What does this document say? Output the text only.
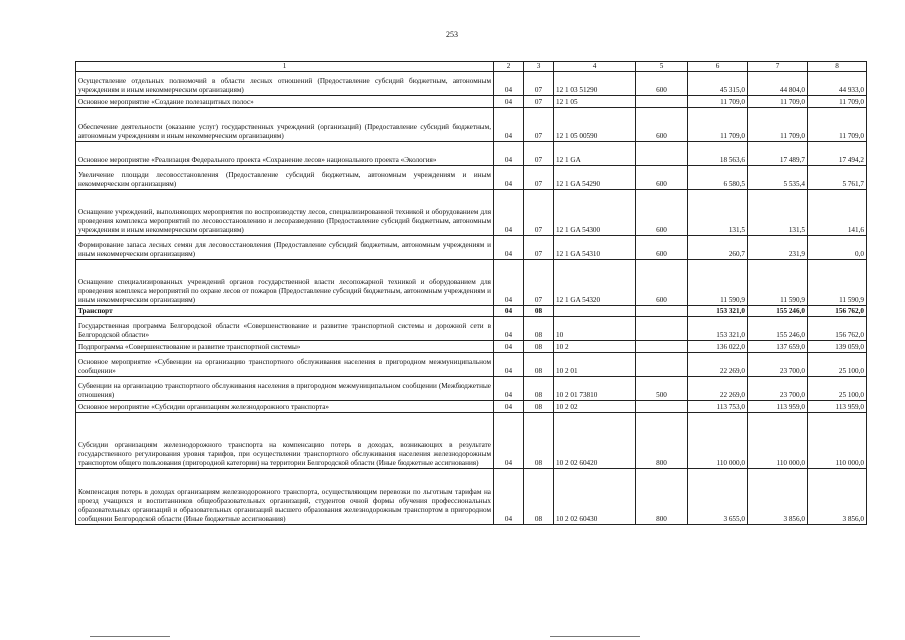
253
1	2	3	4	5	6	7	8
Осуществление отдельных полномочий в области лесных отношений (Предоставление субсидий бюджетным, автономным учреждениям и иным некоммерческим организациям)	04	07	12 1 03 51290	600	45 315,0	44 804,0	44 933,0
Основное мероприятие «Создание полезащитных полос»	04	07	12 1 05		11 709,0	11 709,0	11 709,0
Обеспечение деятельности (оказание услуг) государственных учреждений (организаций) (Предоставление субсидий бюджетным, автономным учреждениям и иным некоммерческим организациям)	04	07	12 1 05 00590	600	11 709,0	11 709,0	11 709,0
Основное мероприятие «Реализация Федерального проекта «Сохранение лесов» национального проекта «Экология»	04	07	12 1 GA		18 563,6	17 489,7	17 494,2
Увеличение площади лесовосстановления (Предоставление субсидий бюджетным, автономным учреждениям и иным некоммерческим организациям)	04	07	12 1 GA 54290	600	6 580,5	5 535,4	5 761,7
Оснащение учреждений, выполняющих мероприятия по воспроизводству лесов, специализированной техникой и оборудованием для проведения комплекса мероприятий по лесовосстановлению и лесоразведению (Предоставление субсидий бюджетным, автономным учреждениям и иным некоммерческим организациям)	04	07	12 1 GA 54300	600	131,5	131,5	141,6
Формирование запаса лесных семян для лесовосстановления (Предоставление субсидий бюджетным, автономным учреждениям и иным некоммерческим организациям)	04	07	12 1 GA 54310	600	260,7	231,9	0,0
Оснащение специализированных учреждений органов государственной власти лесопожарной техникой и оборудованием для проведения комплекса мероприятий по охране лесов от пожаров (Предоставление субсидий бюджетным, автономным учреждениям и иным некоммерческим организациям)	04	07	12 1 GA 54320	600	11 590,9	11 590,9	11 590,9
Транспорт	04	08			153 321,0	155 246,0	156 762,0
Государственная программа Белгородской области «Совершенствование и развитие транспортной системы и дорожной сети в Белгородской области»	04	08	10		153 321,0	155 246,0	156 762,0
Подпрограмма «Совершенствование и развитие транспортной системы»	04	08	10 2		136 022,0	137 659,0	139 059,0
Основное мероприятие «Субвенции на организацию транспортного обслуживания населения в пригородном межмуниципальном сообщении»	04	08	10 2 01		22 269,0	23 700,0	25 100,0
Субвенции на организацию транспортного обслуживания населения в пригородном межмуниципальном сообщении (Межбюджетные отношения)	04	08	10 2 01 73810	500	22 269,0	23 700,0	25 100,0
Основное мероприятие «Субсидии организациям железнодорожного транспорта»	04	08	10 2 02		113 753,0	113 959,0	113 959,0
Субсидии организациям железнодорожного транспорта на компенсацию потерь в доходах, возникающих в результате государственного регулирования уровня тарифов, при осуществлении транспортного обслуживания населения железнодорожным транспортом общего пользования (пригородной категории) на территории Белгородской области (Иные бюджетные ассигнования)	04	08	10 2 02 60420	800	110 000,0	110 000,0	110 000,0
Компенсация потерь в доходах организациям железнодорожного транспорта, осуществляющим перевозки по льготным тарифам на проезд учащихся и воспитанников общеобразовательных организаций, студентов очной формы обучения профессиональных образовательных организаций и образовательных организаций высшего образования железнодорожным транспортом в пригородном сообщении Белгородской области (Иные бюджетные ассигнования)	04	08	10 2 02 60430	800	3 655,0	3 856,0	3 856,0
